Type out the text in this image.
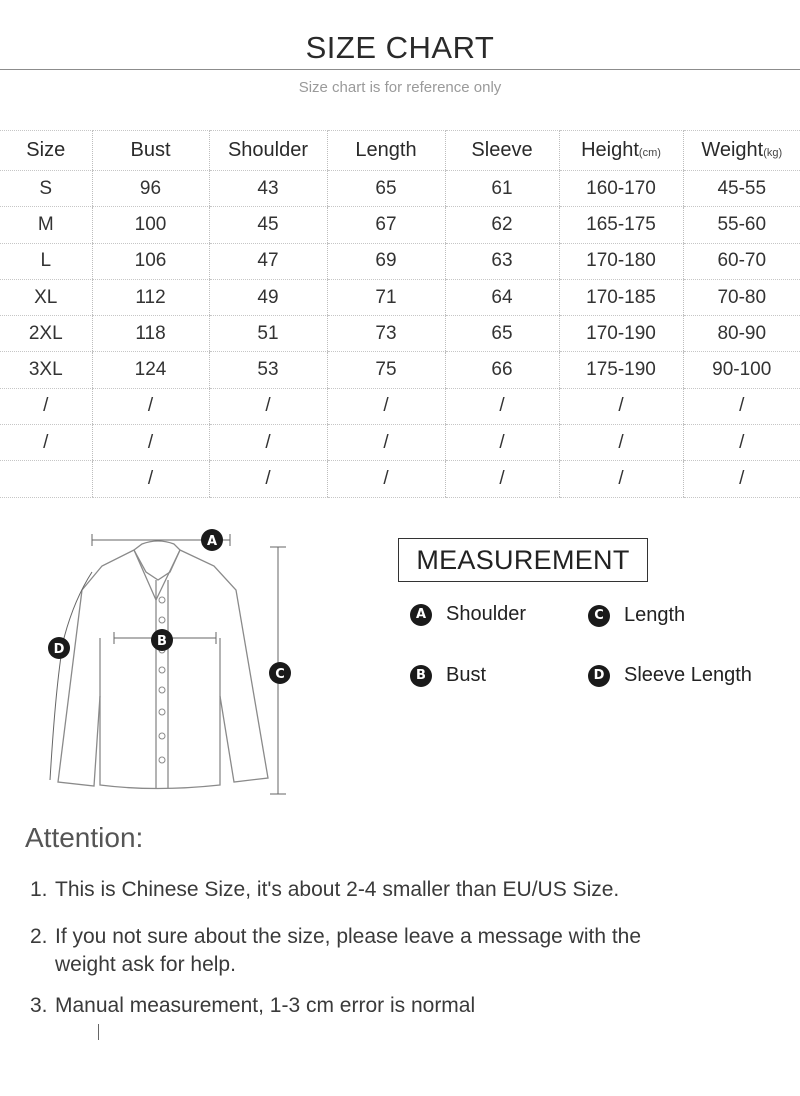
SIZE CHART
Size chart is for reference only
Size	Bust	Shoulder	Length	Sleeve	Height(cm)	Weight(kg)
S	96	43	65	61	160-170	45-55
M	100	45	67	62	165-175	55-60
L	106	47	69	63	170-180	60-70
XL	112	49	71	64	170-185	70-80
2XL	118	51	73	65	170-190	80-90
3XL	124	53	75	66	175-190	90-100
/	/	/	/	/	/	/
/	/	/	/	/	/	/
	/	/	/	/	/	/
A
B
C
D
MEASUREMENT
A Shoulder	C	Length
B	Bust	D Sleeve Length
Attention:
1. This is Chinese Size, it's about 2-4 smaller than EU/US Size.
2. If you not sure about the size, please leave a message with the
weight ask for help.
3. Manual measurement, 1-3 cm error is normal
